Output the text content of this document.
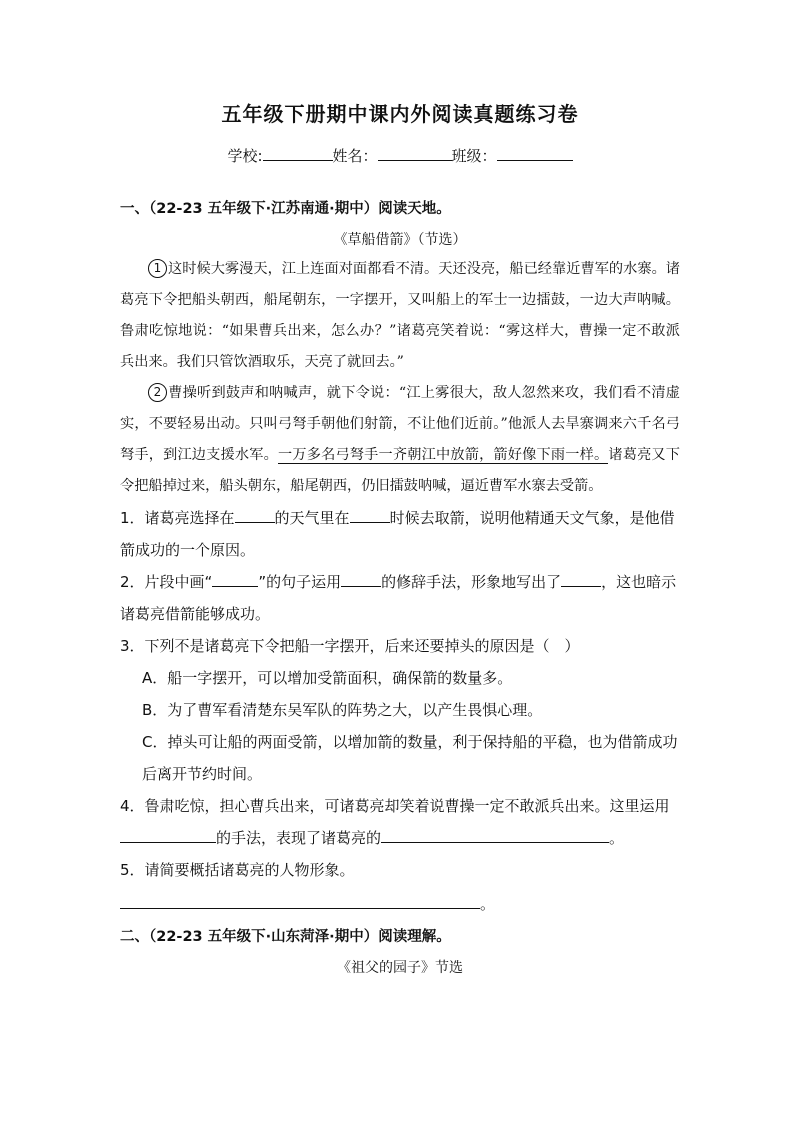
五年级下册期中课内外阅读真题练习卷
学校:	姓名：	班级：
一、（22-23 五年级下·江苏南通·期中）阅读天地。
《草船借箭》（节选）

1 这时候大雾漫天，江上连面对面都看不清。天还没亮，船已经靠近曹军的水寨。诸葛亮下令把船头朝西，船尾朝东，一字摆开，又叫船上的军士一边擂鼓，一边大声呐喊。鲁肃吃惊地说：“如果曹兵出来，怎么办？”诸葛亮笑着说：“雾这样大，曹操一定不敢派兵出来。我们只管饮酒取乐，天亮了就回去。”

2 曹操听到鼓声和呐喊声，就下令说：“江上雾很大，敌人忽然来攻，我们看不清虚实，不要轻易出动。只叫弓弩手朝他们射箭，不让他们近前。”他派人去旱寨调来六千名弓弩手，到江边支援水军。一万多名弓弩手一齐朝江中放箭，箭好像下雨一样。诸葛亮又下令把船掉过来，船头朝东，船尾朝西，仍旧擂鼓呐喊，逼近曹军水寨去受箭。

1．诸葛亮选择在	的天气里在	时候去取箭，说明他精通天文气象，是他借箭成功的一个原因。

2．片段中画“	”的句子运用	的修辞手法，形象地写出了	，这也暗示诸葛亮借箭能够成功。

3．下列不是诸葛亮下令把船一字摆开，后来还要掉头的原因是（　）

A．船一字摆开，可以增加受箭面积，确保箭的数量多。

B．为了曹军看清楚东吴军队的阵势之大，以产生畏惧心理。

C．掉头可让船的两面受箭，以增加箭的数量，利于保持船的平稳，也为借箭成功后离开节约时间。

4．鲁肃吃惊，担心曹兵出来，可诸葛亮却笑着说曹操一定不敢派兵出来。这里运用的手法，表现了诸葛亮的	。

5．请简要概括诸葛亮的人物形象。

。
二、（22-23 五年级下·山东菏泽·期中）阅读理解。
《祖父的园子》节选
